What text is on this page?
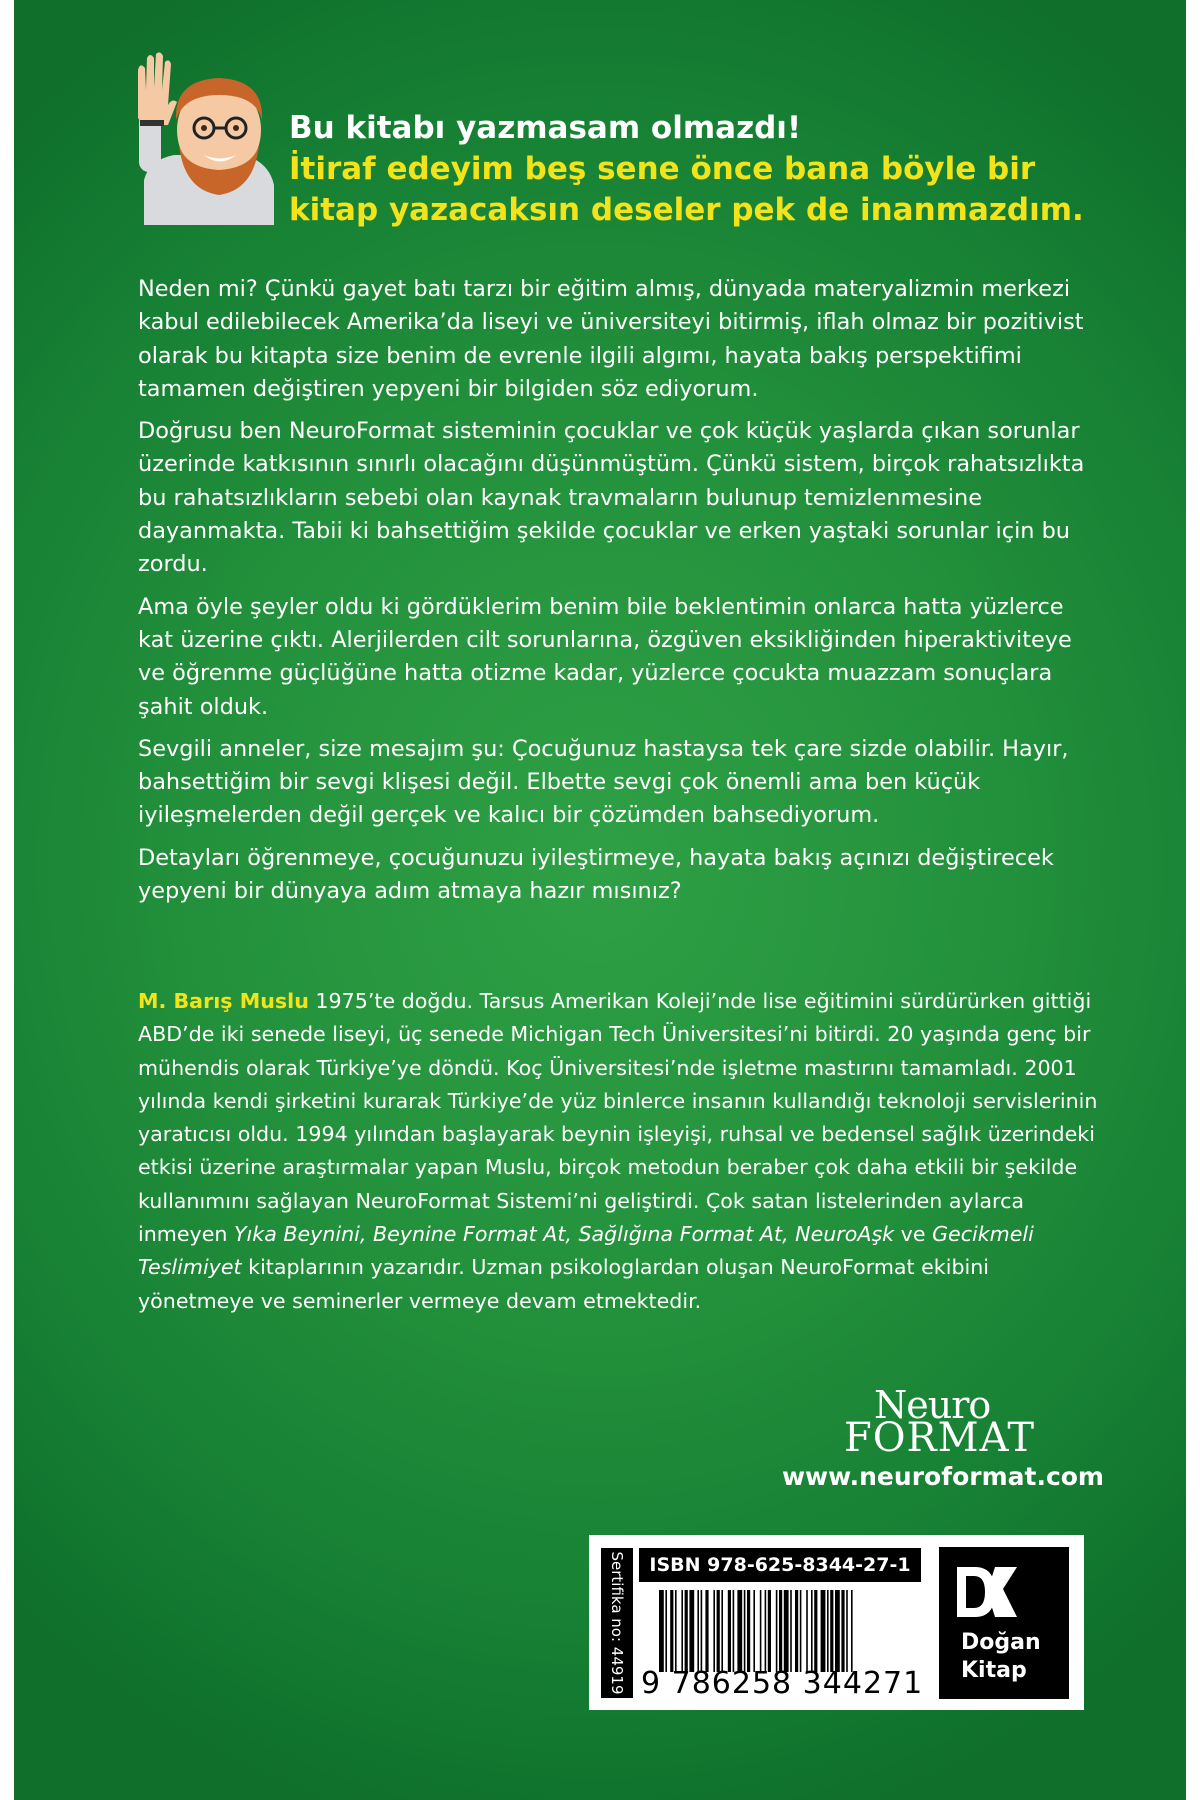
Bu kitabı yazmasam olmazdı!
İtiraf edeyim beş sene önce bana böyle bir
kitap yazacaksın deseler pek de inanmazdım.

Neden mi? Çünkü gayet batı tarzı bir eğitim almış, dünyada materyalizmin merkezi kabul edilebilecek Amerika’da liseyi ve üniversiteyi bitirmiş, iflah olmaz bir pozitivist olarak bu kitapta size benim de evrenle ilgili algımı, hayata bakış perspektifimi tamamen değiştiren yepyeni bir bilgiden söz ediyorum.

Doğrusu ben NeuroFormat sisteminin çocuklar ve çok küçük yaşlarda çıkan sorunlar üzerinde katkısının sınırlı olacağını düşünmüştüm. Çünkü sistem, birçok rahatsızlıkta bu rahatsızlıkların sebebi olan kaynak travmaların bulunup temizlenmesine dayanmakta. Tabii ki bahsettiğim şekilde çocuklar ve erken yaştaki sorunlar için bu zordu.

Ama öyle şeyler oldu ki gördüklerim benim bile beklentimin onlarca hatta yüzlerce kat üzerine çıktı. Alerjilerden cilt sorunlarına, özgüven eksikliğinden hiperaktiviteye ve öğrenme güçlüğüne hatta otizme kadar, yüzlerce çocukta muazzam sonuçlara şahit olduk.

Sevgili anneler, size mesajım şu: Çocuğunuz hastaysa tek çare sizde olabilir. Hayır, bahsettiğim bir sevgi klişesi değil. Elbette sevgi çok önemli ama ben küçük iyileşmelerden değil gerçek ve kalıcı bir çözümden bahsediyorum.

Detayları öğrenmeye, çocuğunuzu iyileştirmeye, hayata bakış açınızı değiştirecek yepyeni bir dünyaya adım atmaya hazır mısınız?

M. Barış Muslu 1975’te doğdu. Tarsus Amerikan Koleji’nde lise eğitimini sürdürürken gittiği ABD’de iki senede liseyi, üç senede Michigan Tech Üniversitesi’ni bitirdi. 20 yaşında genç bir mühendis olarak Türkiye’ye döndü. Koç Üniversitesi’nde işletme mastırını tamamladı. 2001 yılında kendi şirketini kurarak Türkiye’de yüz binlerce insanın kullandığı teknoloji servislerinin yaratıcısı oldu. 1994 yılından başlayarak beynin işleyişi, ruhsal ve bedensel sağlık üzerindeki etkisi üzerine araştırmalar yapan Muslu, birçok metodun beraber çok daha etkili bir şekilde kullanımını sağlayan NeuroFormat Sistemi’ni geliştirdi. Çok satan listelerinden aylarca inmeyen Yıka Beynini, Beynine Format At, Sağlığına Format At, NeuroAşk ve Gecikmeli Teslimiyet kitaplarının yazarıdır. Uzman psikologlardan oluşan NeuroFormat ekibini yönetmeye ve seminerler vermeye devam etmektedir.
Neuro
FORMAT
www.neuroformat.com
Sertifika no: 44919	ISBN 978-625-8344-27-1
9 786258 344271
Doğan
Kitap
